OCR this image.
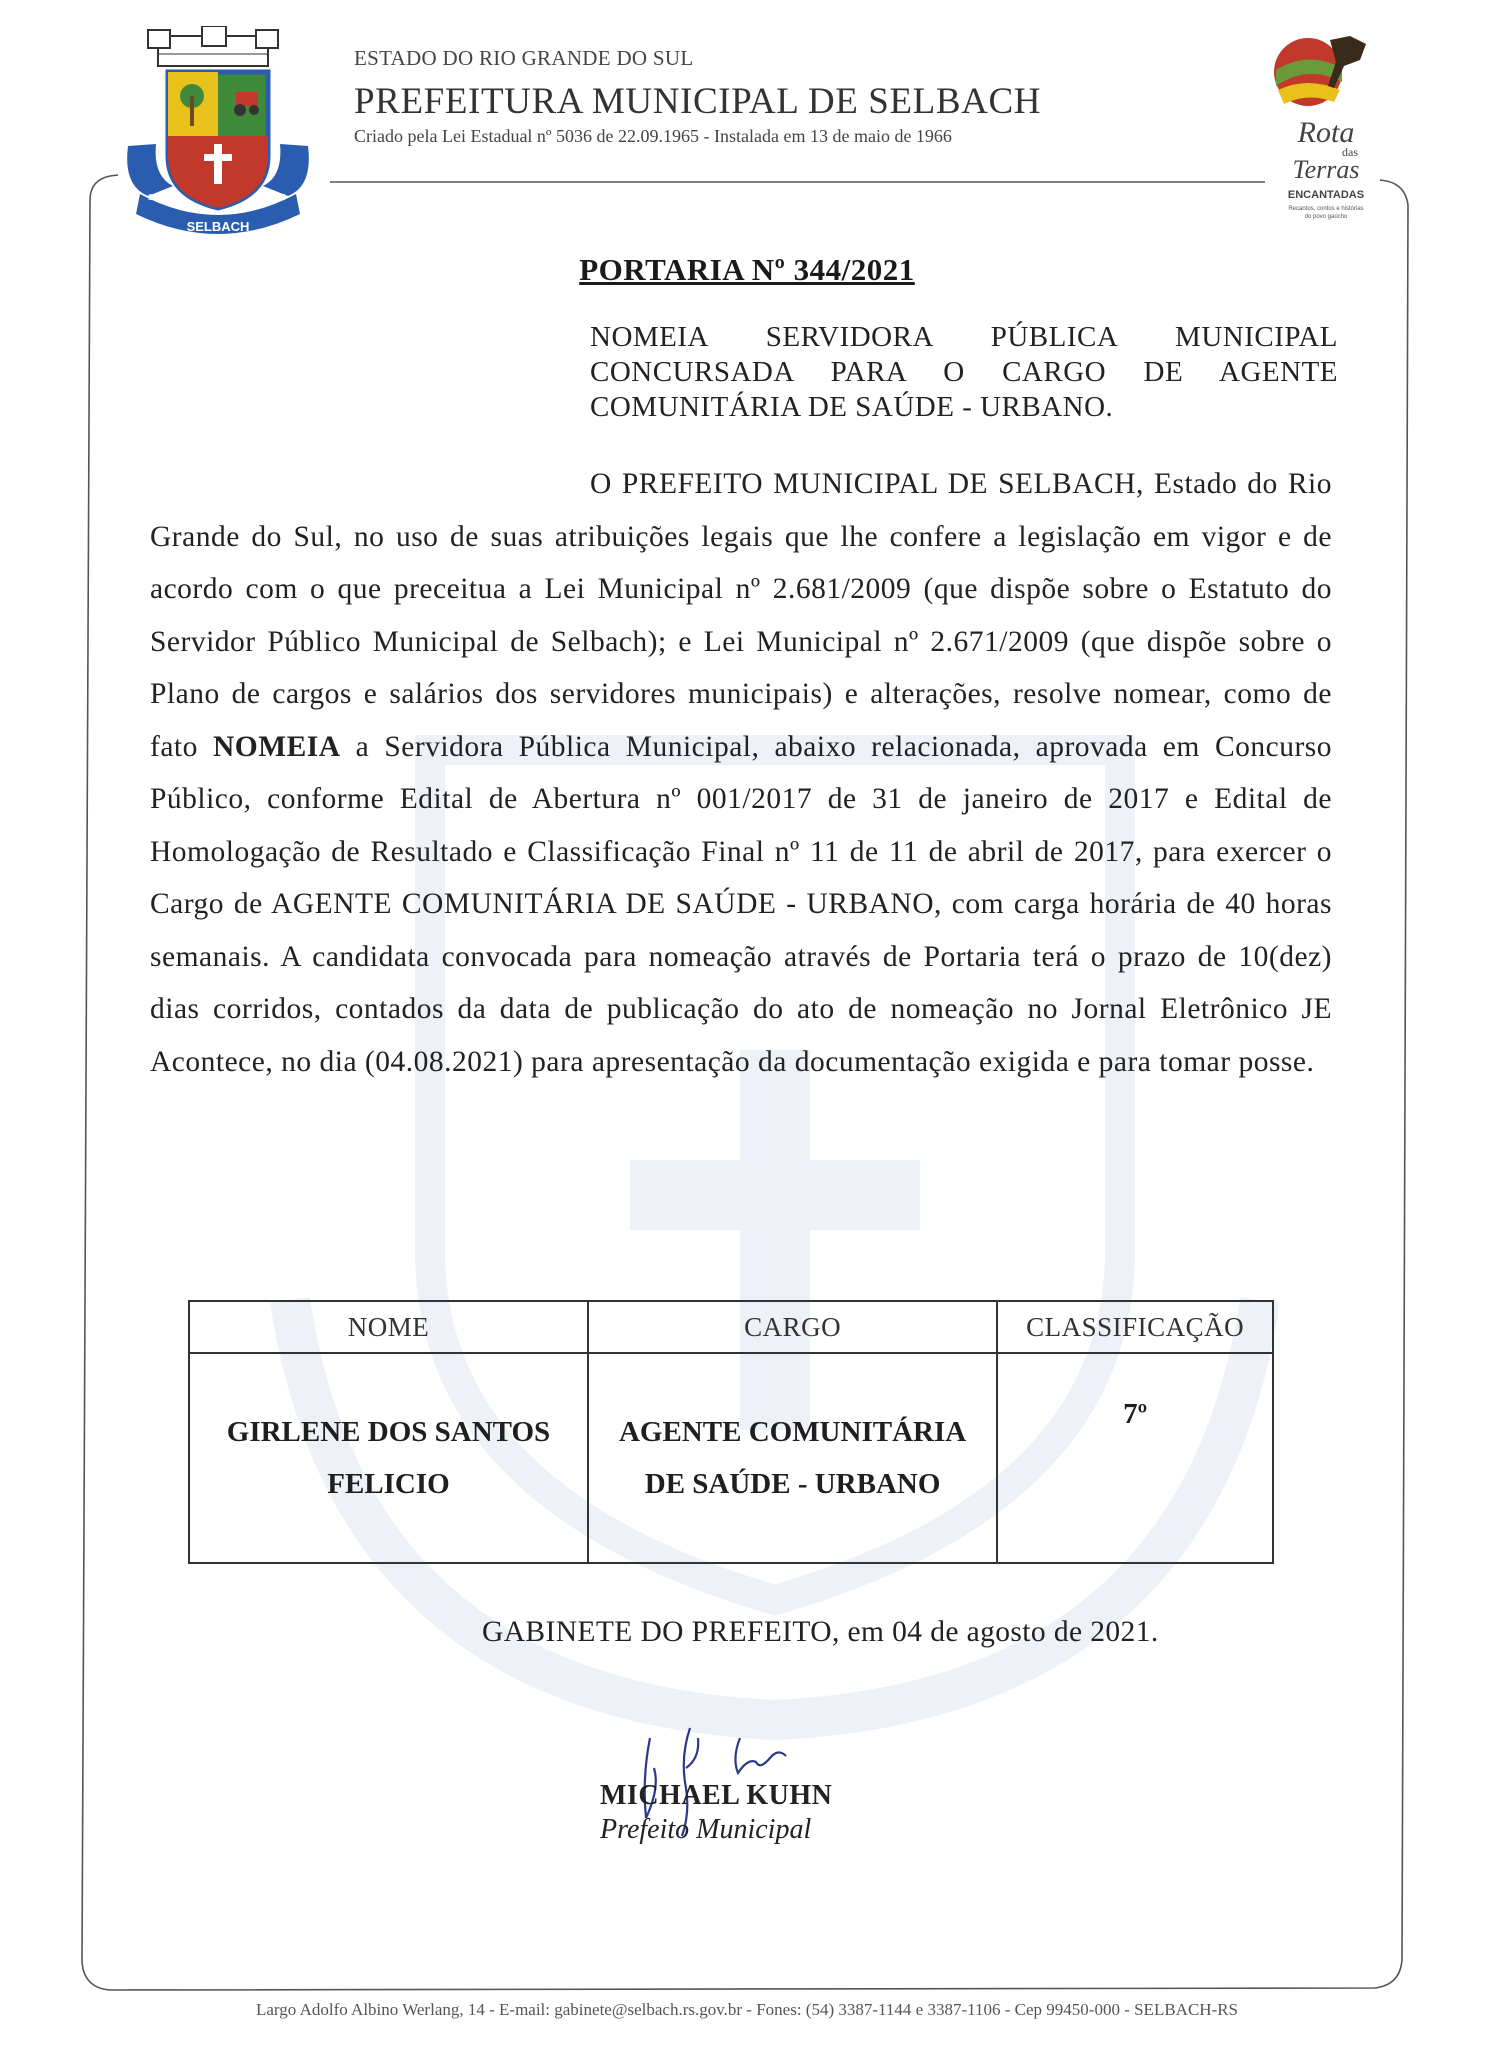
SELBACH
22/09	1965
ESTADO DO RIO GRANDE DO SUL
PREFEITURA MUNICIPAL DE SELBACH
Criado pela Lei Estadual nº 5036 de 22.09.1965 - Instalada em 13 de maio de 1966	Rota
das
Terras
ENCANTADAS
Recantos, contos e histórias
do povo gaúcho
PORTARIA Nº 344/2021
NOMEIA SERVIDORA PÚBLICA MUNICIPAL CONCURSADA PARA O CARGO DE AGENTE COMUNITÁRIA DE SAÚDE - URBANO.
O PREFEITO MUNICIPAL DE SELBACH, Estado do Rio Grande do Sul, no uso de suas atribuições legais que lhe confere a legislação em vigor e de acordo com o que preceitua a Lei Municipal nº 2.681/2009 (que dispõe sobre o Estatuto do Servidor Público Municipal de Selbach); e Lei Municipal nº 2.671/2009 (que dispõe sobre o Plano de cargos e salários dos servidores municipais) e alterações, resolve nomear, como de fato NOMEIA a Servidora Pública Municipal, abaixo relacionada, aprovada em Concurso Público, conforme Edital de Abertura nº 001/2017 de 31 de janeiro de 2017 e Edital de Homologação de Resultado e Classificação Final nº 11 de 11 de abril de 2017, para exercer o Cargo de AGENTE COMUNITÁRIA DE SAÚDE - URBANO, com carga horária de 40 horas semanais. A candidata convocada para nomeação através de Portaria terá o prazo de 10(dez) dias corridos, contados da data de publicação do ato de nomeação no Jornal Eletrônico JE Acontece, no dia (04.08.2021) para apresentação da documentação exigida e para tomar posse.
NOME	CARGO	CLASSIFICAÇÃO
GIRLENE DOS SANTOS FELICIO	AGENTE COMUNITÁRIA DE SAÚDE - URBANO	7º
GABINETE DO PREFEITO, em 04 de agosto de 2021.
MICHAEL KUHN
Prefeito Municipal
Largo Adolfo Albino Werlang, 14 - E-mail: gabinete@selbach.rs.gov.br - Fones: (54) 3387-1144 e 3387-1106 - Cep 99450-000 - SELBACH-RS
